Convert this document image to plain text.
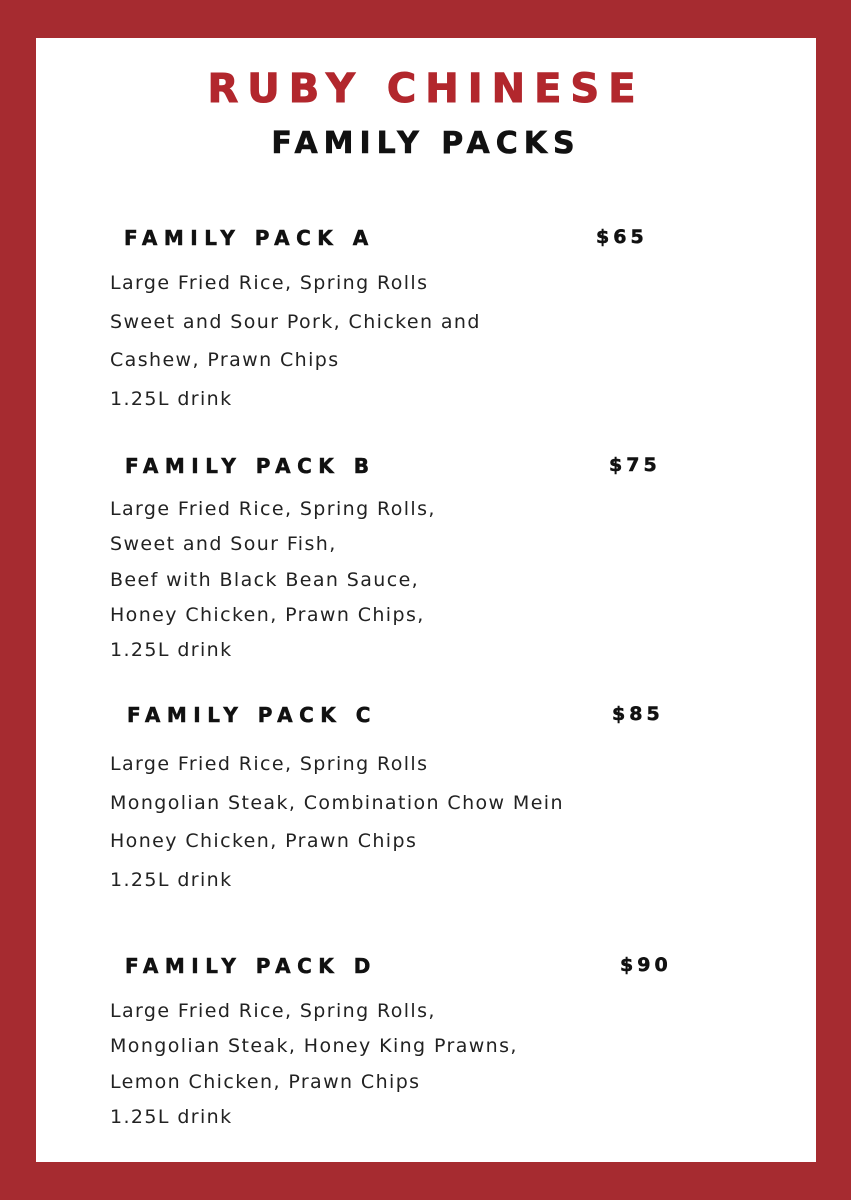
RUBY CHINESE
FAMILY PACKS
FAMILY PACK A	$65
Large Fried Rice, Spring Rolls
Sweet and Sour Pork, Chicken and
Cashew, Prawn Chips
1.25L drink
FAMILY PACK B	$75
Large Fried Rice, Spring Rolls,
Sweet and Sour Fish,
Beef with Black Bean Sauce,
Honey Chicken, Prawn Chips,
1.25L drink
FAMILY PACK C	$85
Large Fried Rice, Spring Rolls
Mongolian Steak, Combination Chow Mein
Honey Chicken, Prawn Chips
1.25L drink
FAMILY PACK D	$90
Large Fried Rice, Spring Rolls,
Mongolian Steak, Honey King Prawns,
Lemon Chicken, Prawn Chips
1.25L drink
